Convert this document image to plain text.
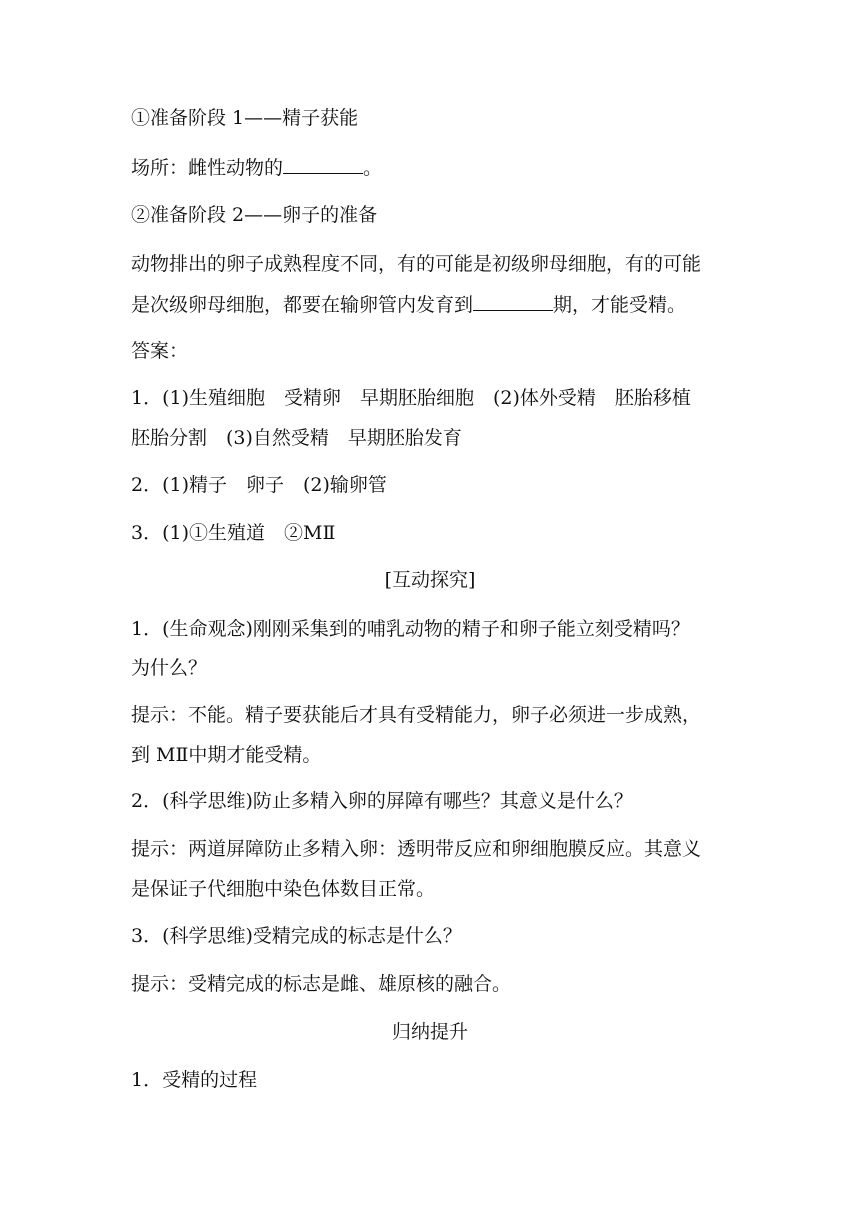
①准备阶段 1——精子获能
场所：雌性动物的	。
②准备阶段 2——卵子的准备
动物排出的卵子成熟程度不同，有的可能是初级卵母细胞，有的可能
是次级卵母细胞，都要在输卵管内发育到	期，才能受精。
答案：
1．(1)生殖细胞　受精卵　早期胚胎细胞　(2)体外受精　胚胎移植
胚胎分割　(3)自然受精　早期胚胎发育
2．(1)精子　卵子　(2)输卵管
3．(1)①生殖道　②MⅡ
[互动探究]
1．(生命观念)刚刚采集到的哺乳动物的精子和卵子能立刻受精吗？
为什么？
提示：不能。精子要获能后才具有受精能力，卵子必须进一步成熟，
到 MⅡ中期才能受精。
2．(科学思维)防止多精入卵的屏障有哪些？其意义是什么？
提示：两道屏障防止多精入卵：透明带反应和卵细胞膜反应。其意义
是保证子代细胞中染色体数目正常。
3．(科学思维)受精完成的标志是什么？
提示：受精完成的标志是雌、雄原核的融合。
归纳提升
1．受精的过程
